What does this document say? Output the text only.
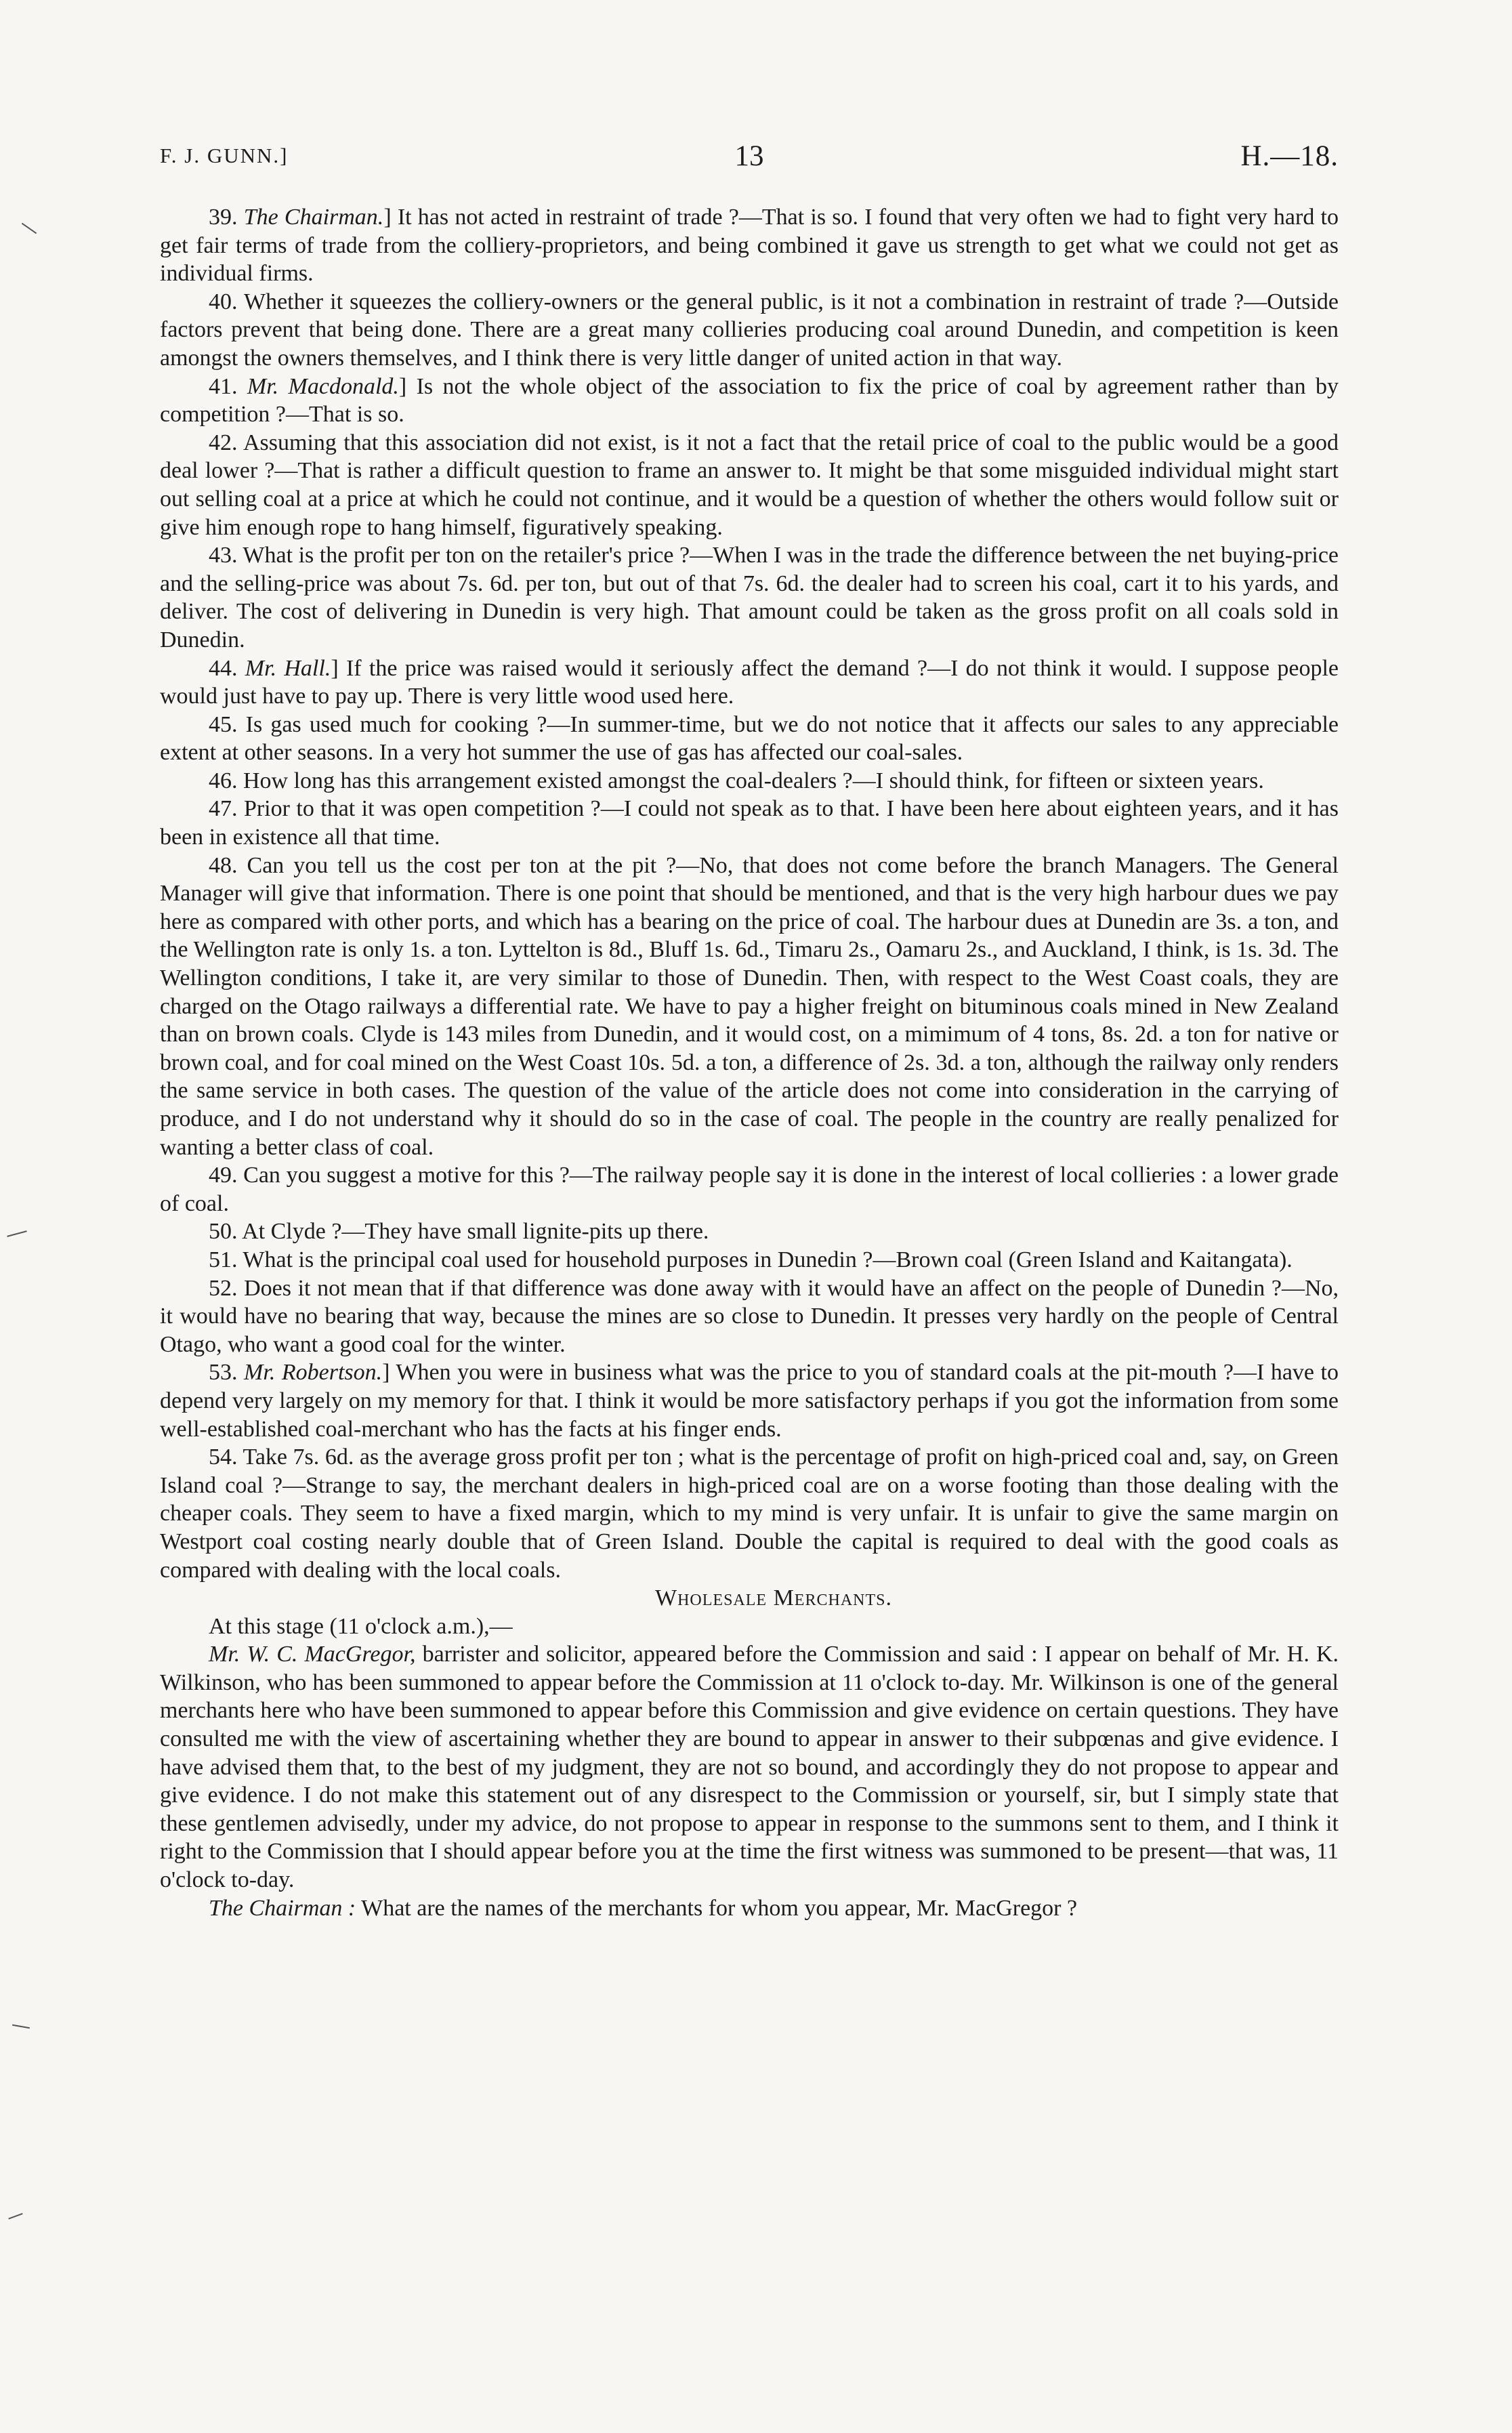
F. J. GUNN.]	13	H.—18.

39. The Chairman.] It has not acted in restraint of trade ?—That is so. I found that very often we had to fight very hard to get fair terms of trade from the colliery-proprietors, and being combined it gave us strength to get what we could not get as individual firms.

40. Whether it squeezes the colliery-owners or the general public, is it not a combination in restraint of trade ?—Outside factors prevent that being done. There are a great many collieries producing coal around Dunedin, and competition is keen amongst the owners themselves, and I think there is very little danger of united action in that way.

41. Mr. Macdonald.] Is not the whole object of the association to fix the price of coal by agreement rather than by competition ?—That is so.

42. Assuming that this association did not exist, is it not a fact that the retail price of coal to the public would be a good deal lower ?—That is rather a difficult question to frame an answer to. It might be that some misguided individual might start out selling coal at a price at which he could not continue, and it would be a question of whether the others would follow suit or give him enough rope to hang himself, figuratively speaking.

43. What is the profit per ton on the retailer's price ?—When I was in the trade the difference between the net buying-price and the selling-price was about 7s. 6d. per ton, but out of that 7s. 6d. the dealer had to screen his coal, cart it to his yards, and deliver. The cost of delivering in Dunedin is very high. That amount could be taken as the gross profit on all coals sold in Dunedin.

44. Mr. Hall.] If the price was raised would it seriously affect the demand ?—I do not think it would. I suppose people would just have to pay up. There is very little wood used here.

45. Is gas used much for cooking ?—In summer-time, but we do not notice that it affects our sales to any appreciable extent at other seasons. In a very hot summer the use of gas has affected our coal-sales.

46. How long has this arrangement existed amongst the coal-dealers ?—I should think, for fifteen or sixteen years.

47. Prior to that it was open competition ?—I could not speak as to that. I have been here about eighteen years, and it has been in existence all that time.

48. Can you tell us the cost per ton at the pit ?—No, that does not come before the branch Managers. The General Manager will give that information. There is one point that should be mentioned, and that is the very high harbour dues we pay here as compared with other ports, and which has a bearing on the price of coal. The harbour dues at Dunedin are 3s. a ton, and the Wellington rate is only 1s. a ton. Lyttelton is 8d., Bluff 1s. 6d., Timaru 2s., Oamaru 2s., and Auckland, I think, is 1s. 3d. The Wellington conditions, I take it, are very similar to those of Dunedin. Then, with respect to the West Coast coals, they are charged on the Otago railways a differential rate. We have to pay a higher freight on bituminous coals mined in New Zealand than on brown coals. Clyde is 143 miles from Dunedin, and it would cost, on a mimimum of 4 tons, 8s. 2d. a ton for native or brown coal, and for coal mined on the West Coast 10s. 5d. a ton, a difference of 2s. 3d. a ton, although the railway only renders the same service in both cases. The question of the value of the article does not come into consideration in the carrying of produce, and I do not understand why it should do so in the case of coal. The people in the country are really penalized for wanting a better class of coal.

49. Can you suggest a motive for this ?—The railway people say it is done in the interest of local collieries : a lower grade of coal.

50. At Clyde ?—They have small lignite-pits up there.

51. What is the principal coal used for household purposes in Dunedin ?—Brown coal (Green Island and Kaitangata).

52. Does it not mean that if that difference was done away with it would have an affect on the people of Dunedin ?—No, it would have no bearing that way, because the mines are so close to Dunedin. It presses very hardly on the people of Central Otago, who want a good coal for the winter.

53. Mr. Robertson.] When you were in business what was the price to you of standard coals at the pit-mouth ?—I have to depend very largely on my memory for that. I think it would be more satisfactory perhaps if you got the information from some well-established coal-merchant who has the facts at his finger ends.

54. Take 7s. 6d. as the average gross profit per ton ; what is the percentage of profit on high-priced coal and, say, on Green Island coal ?—Strange to say, the merchant dealers in high-priced coal are on a worse footing than those dealing with the cheaper coals. They seem to have a fixed margin, which to my mind is very unfair. It is unfair to give the same margin on Westport coal costing nearly double that of Green Island. Double the capital is required to deal with the good coals as compared with dealing with the local coals.

Wholesale Merchants.

At this stage (11 o'clock a.m.),—

Mr. W. C. MacGregor, barrister and solicitor, appeared before the Commission and said : I appear on behalf of Mr. H. K. Wilkinson, who has been summoned to appear before the Commission at 11 o'clock to-day. Mr. Wilkinson is one of the general merchants here who have been summoned to appear before this Commission and give evidence on certain questions. They have consulted me with the view of ascertaining whether they are bound to appear in answer to their subpœnas and give evidence. I have advised them that, to the best of my judgment, they are not so bound, and accordingly they do not propose to appear and give evidence. I do not make this statement out of any disrespect to the Commission or yourself, sir, but I simply state that these gentlemen advisedly, under my advice, do not propose to appear in response to the summons sent to them, and I think it right to the Commission that I should appear before you at the time the first witness was summoned to be present—that was, 11 o'clock to-day.

The Chairman : What are the names of the merchants for whom you appear, Mr. MacGregor ?
